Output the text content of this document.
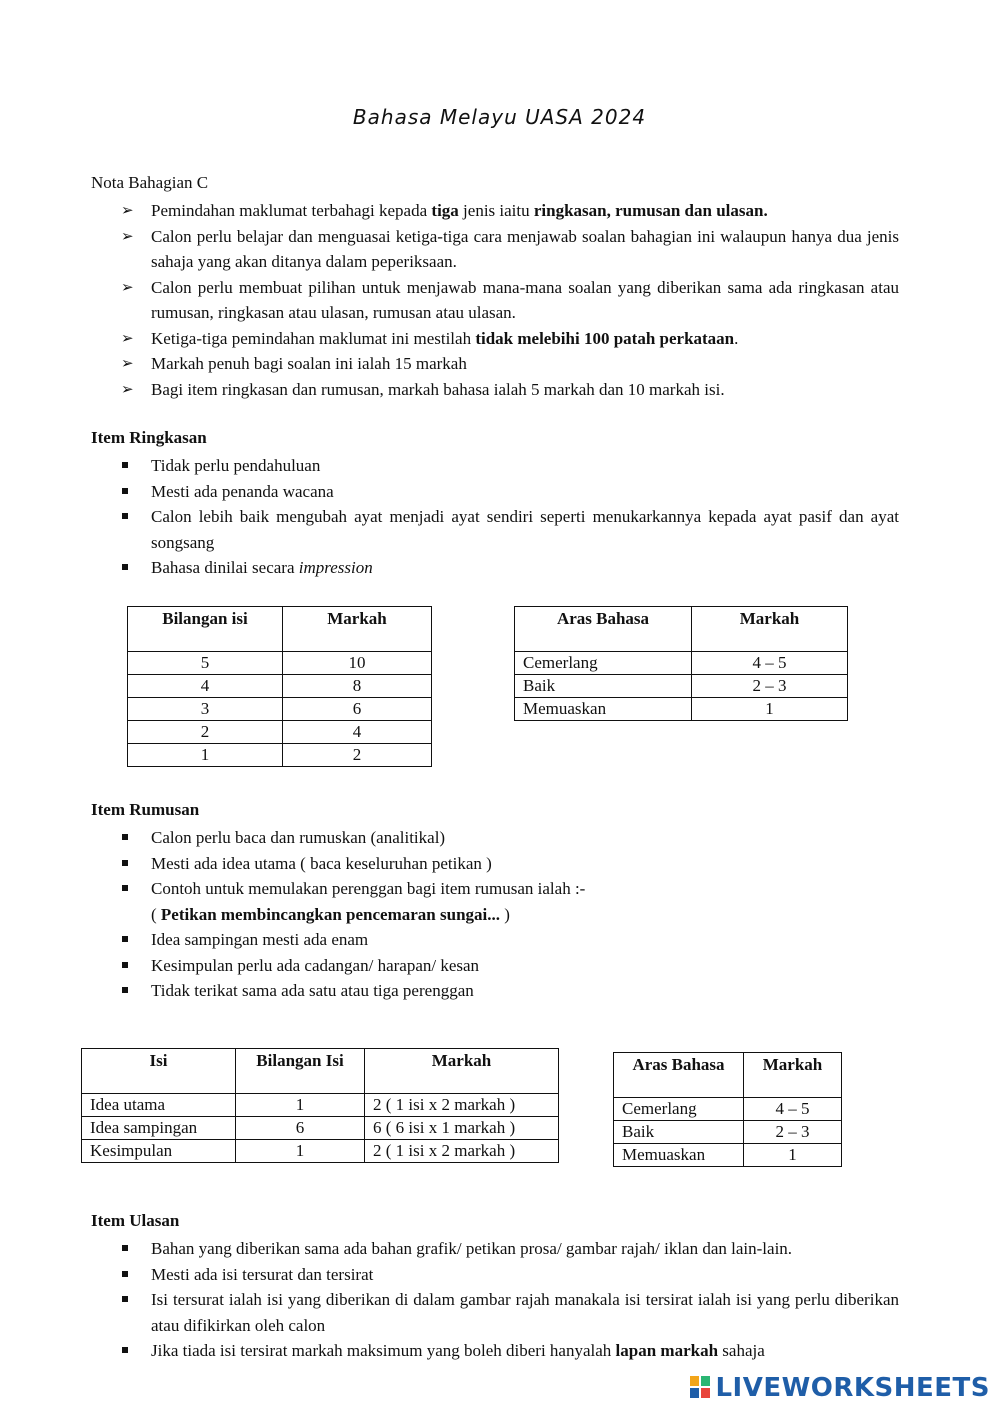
Bahasa Melayu UASA 2024
Nota Bahagian C
➢ Pemindahan maklumat terbahagi kepada tiga jenis iaitu ringkasan, rumusan dan ulasan.
➢ Calon perlu belajar dan menguasai ketiga-tiga cara menjawab soalan bahagian ini walaupun hanya dua jenis sahaja yang akan ditanya dalam peperiksaan.
➢ Calon perlu membuat pilihan untuk menjawab mana-mana soalan yang diberikan sama ada ringkasan atau rumusan, ringkasan atau ulasan, rumusan atau ulasan.
➢ Ketiga-tiga pemindahan maklumat ini mestilah tidak melebihi 100 patah perkataan.
➢ Markah penuh bagi soalan ini ialah 15 markah
➢ Bagi item ringkasan dan rumusan, markah bahasa ialah 5 markah dan 10 markah isi.
Item Ringkasan
Tidak perlu pendahuluan
Mesti ada penanda wacana
Calon lebih baik mengubah ayat menjadi ayat sendiri seperti menukarkannya kepada ayat pasif dan ayat songsang
Bahasa dinilai secara impression
Bilangan isi	Markah
5	10
4	8
3	6
2	4
1	2
Aras Bahasa	Markah
Cemerlang	4 – 5
Baik	2 – 3
Memuaskan	1
Item Rumusan
Calon perlu baca dan rumuskan (analitikal)
Mesti ada idea utama ( baca keseluruhan petikan )
Contoh untuk memulakan perenggan bagi item rumusan ialah :-
( Petikan membincangkan pencemaran sungai... )
Idea sampingan mesti ada enam
Kesimpulan perlu ada cadangan/ harapan/ kesan
Tidak terikat sama ada satu atau tiga perenggan
Isi	Bilangan Isi	Markah
Idea utama	1	2 ( 1 isi x 2 markah )
Idea sampingan	6	6 ( 6 isi x 1 markah )
Kesimpulan	1	2 ( 1 isi x 2 markah )
Aras Bahasa	Markah
Cemerlang	4 – 5
Baik	2 – 3
Memuaskan	1
Item Ulasan
Bahan yang diberikan sama ada bahan grafik/ petikan prosa/ gambar rajah/ iklan dan lain-lain.
Mesti ada isi tersurat dan tersirat
Isi tersurat ialah isi yang diberikan di dalam gambar rajah manakala isi tersirat ialah isi yang perlu diberikan atau difikirkan oleh calon
Jika tiada isi tersirat markah maksimum yang boleh diberi hanyalah lapan markah sahaja
LIVEWORKSHEETS
